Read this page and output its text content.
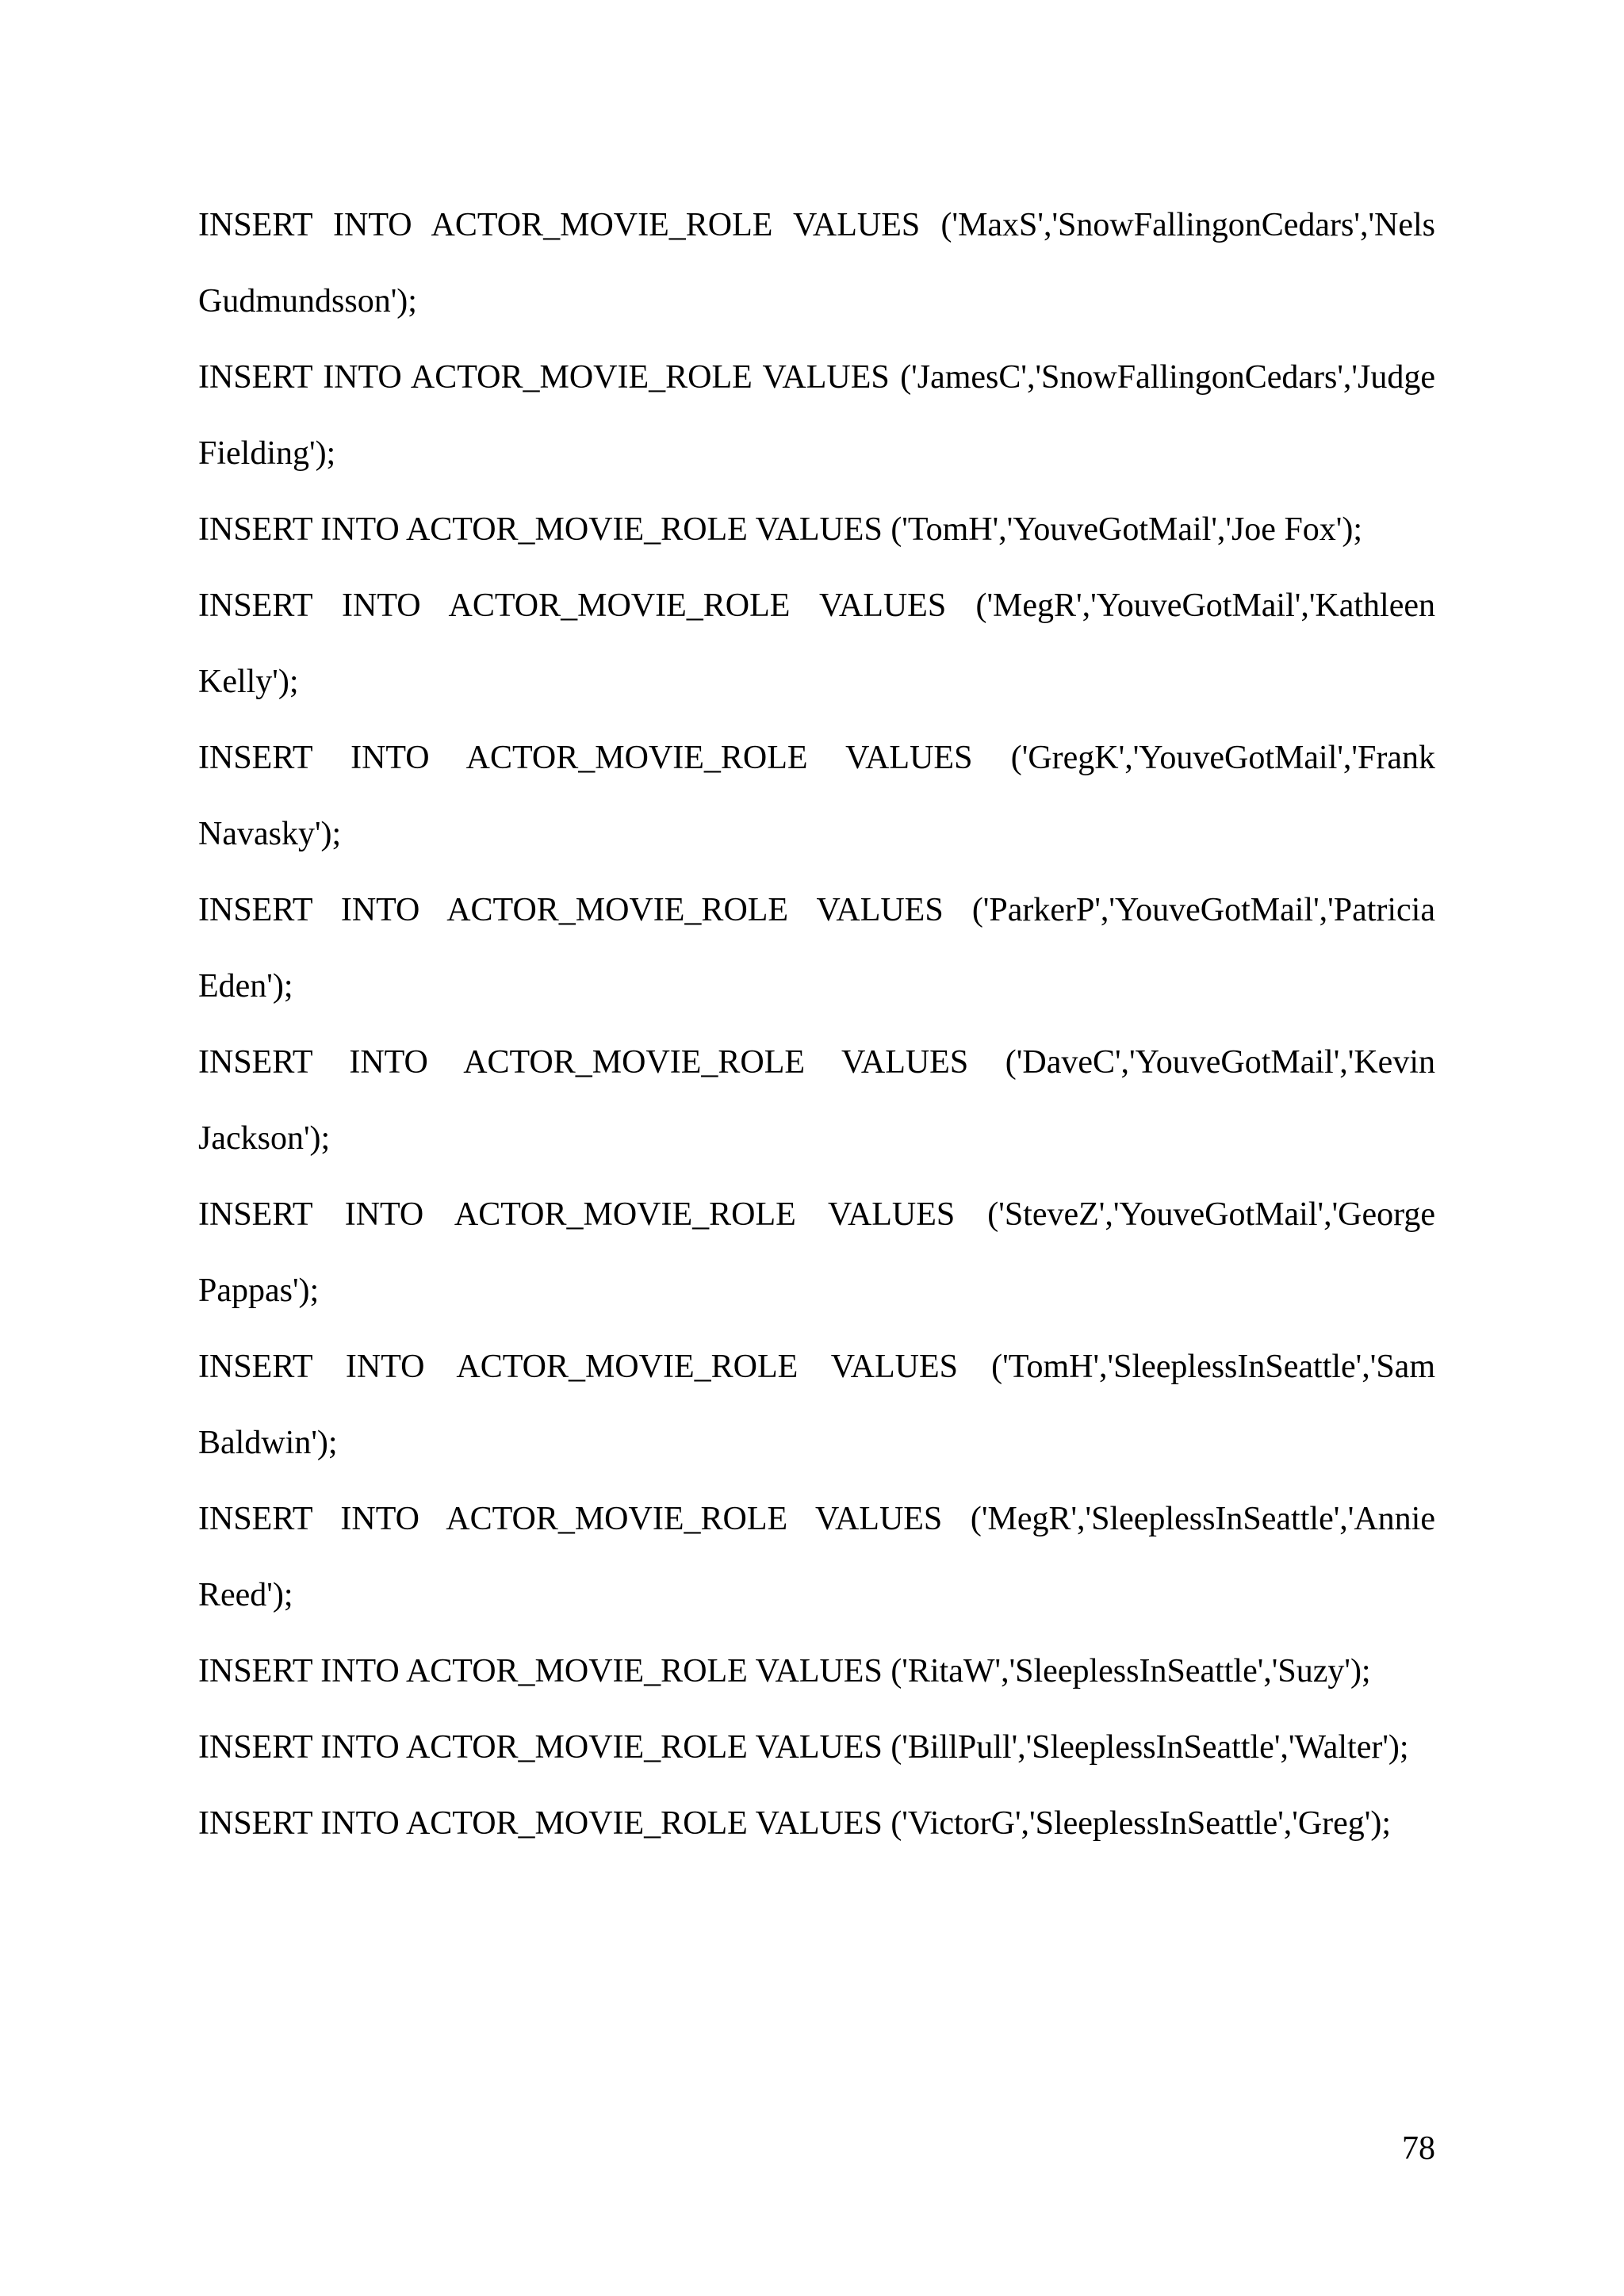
INSERT INTO ACTOR_MOVIE_ROLE VALUES ('MaxS','SnowFallingonCedars','Nels
Gudmundsson');
INSERT INTO ACTOR_MOVIE_ROLE VALUES ('JamesC','SnowFallingonCedars','Judge
Fielding');
INSERT INTO ACTOR_MOVIE_ROLE VALUES ('TomH','YouveGotMail','Joe Fox');
INSERT INTO ACTOR_MOVIE_ROLE VALUES ('MegR','YouveGotMail','Kathleen
Kelly');
INSERT INTO ACTOR_MOVIE_ROLE VALUES ('GregK','YouveGotMail','Frank
Navasky');
INSERT INTO ACTOR_MOVIE_ROLE VALUES ('ParkerP','YouveGotMail','Patricia
Eden');
INSERT INTO ACTOR_MOVIE_ROLE VALUES ('DaveC','YouveGotMail','Kevin
Jackson');
INSERT INTO ACTOR_MOVIE_ROLE VALUES ('SteveZ','YouveGotMail','George
Pappas');
INSERT INTO ACTOR_MOVIE_ROLE VALUES ('TomH','SleeplessInSeattle','Sam
Baldwin');
INSERT INTO ACTOR_MOVIE_ROLE VALUES ('MegR','SleeplessInSeattle','Annie
Reed');
INSERT INTO ACTOR_MOVIE_ROLE VALUES ('RitaW','SleeplessInSeattle','Suzy');
INSERT INTO ACTOR_MOVIE_ROLE VALUES ('BillPull','SleeplessInSeattle','Walter');
INSERT INTO ACTOR_MOVIE_ROLE VALUES ('VictorG','SleeplessInSeattle','Greg');
78
